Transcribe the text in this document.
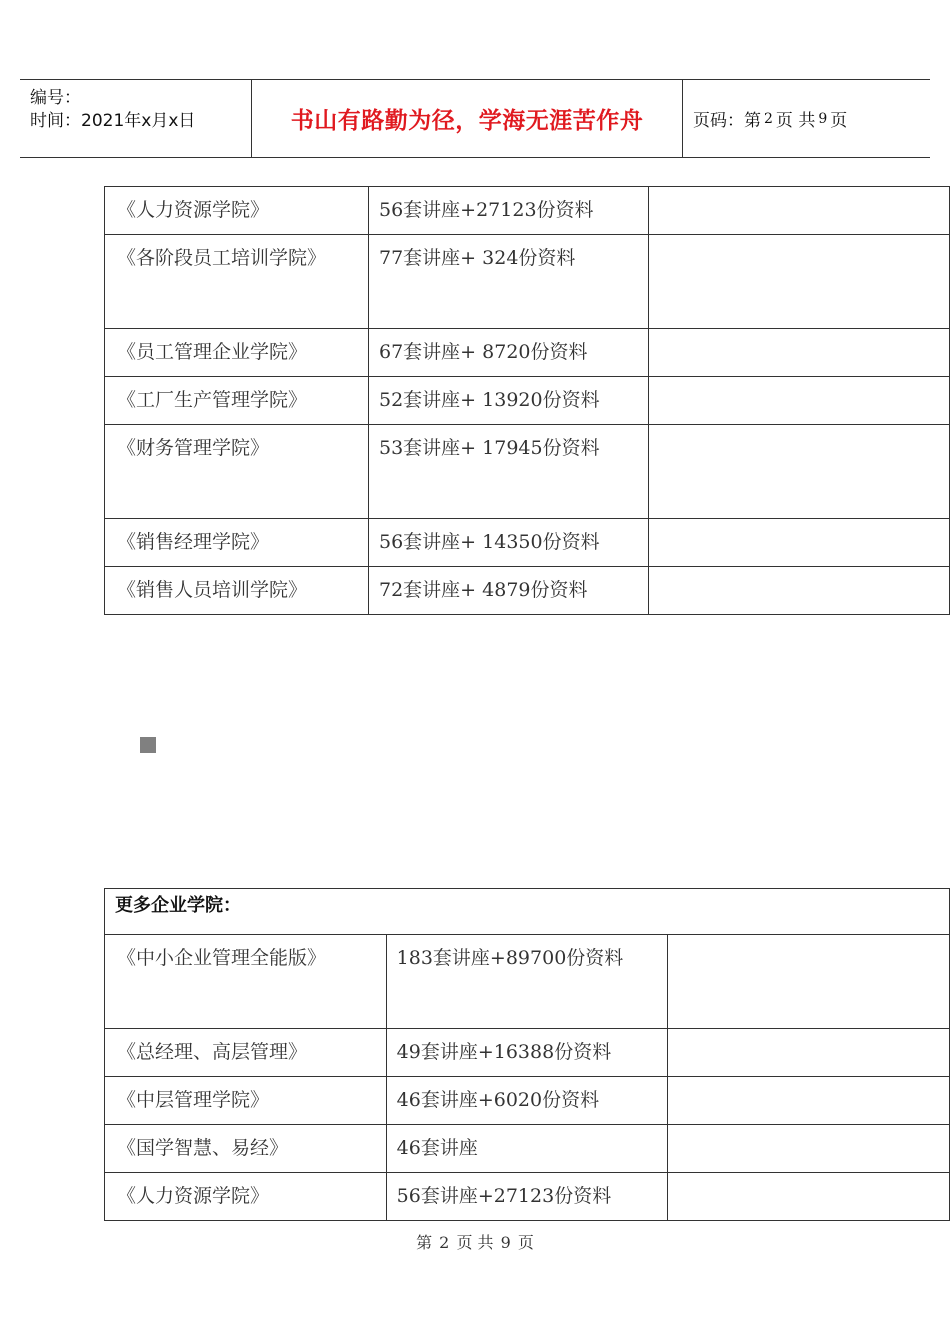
编号：
时间：2021年x月x日	书山有路勤为径，学海无涯苦作舟	页码：第 2 页 共 9 页
《人力资源学院》	56套讲座+27123份资料	
《各阶段员工培训学院》	77套讲座+ 324份资料	
《员工管理企业学院》	67套讲座+ 8720份资料	
《工厂生产管理学院》	52套讲座+ 13920份资料	
《财务管理学院》	53套讲座+ 17945份资料	
《销售经理学院》	56套讲座+ 14350份资料	
《销售人员培训学院》	72套讲座+ 4879份资料	
更多企业学院：		
《中小企业管理全能版》	183套讲座+89700份资料	
《总经理、高层管理》	49套讲座+16388份资料	
《中层管理学院》	46套讲座+6020份资料	
《国学智慧、易经》	46套讲座	
《人力资源学院》	56套讲座+27123份资料	
第 2 页 共 9 页
